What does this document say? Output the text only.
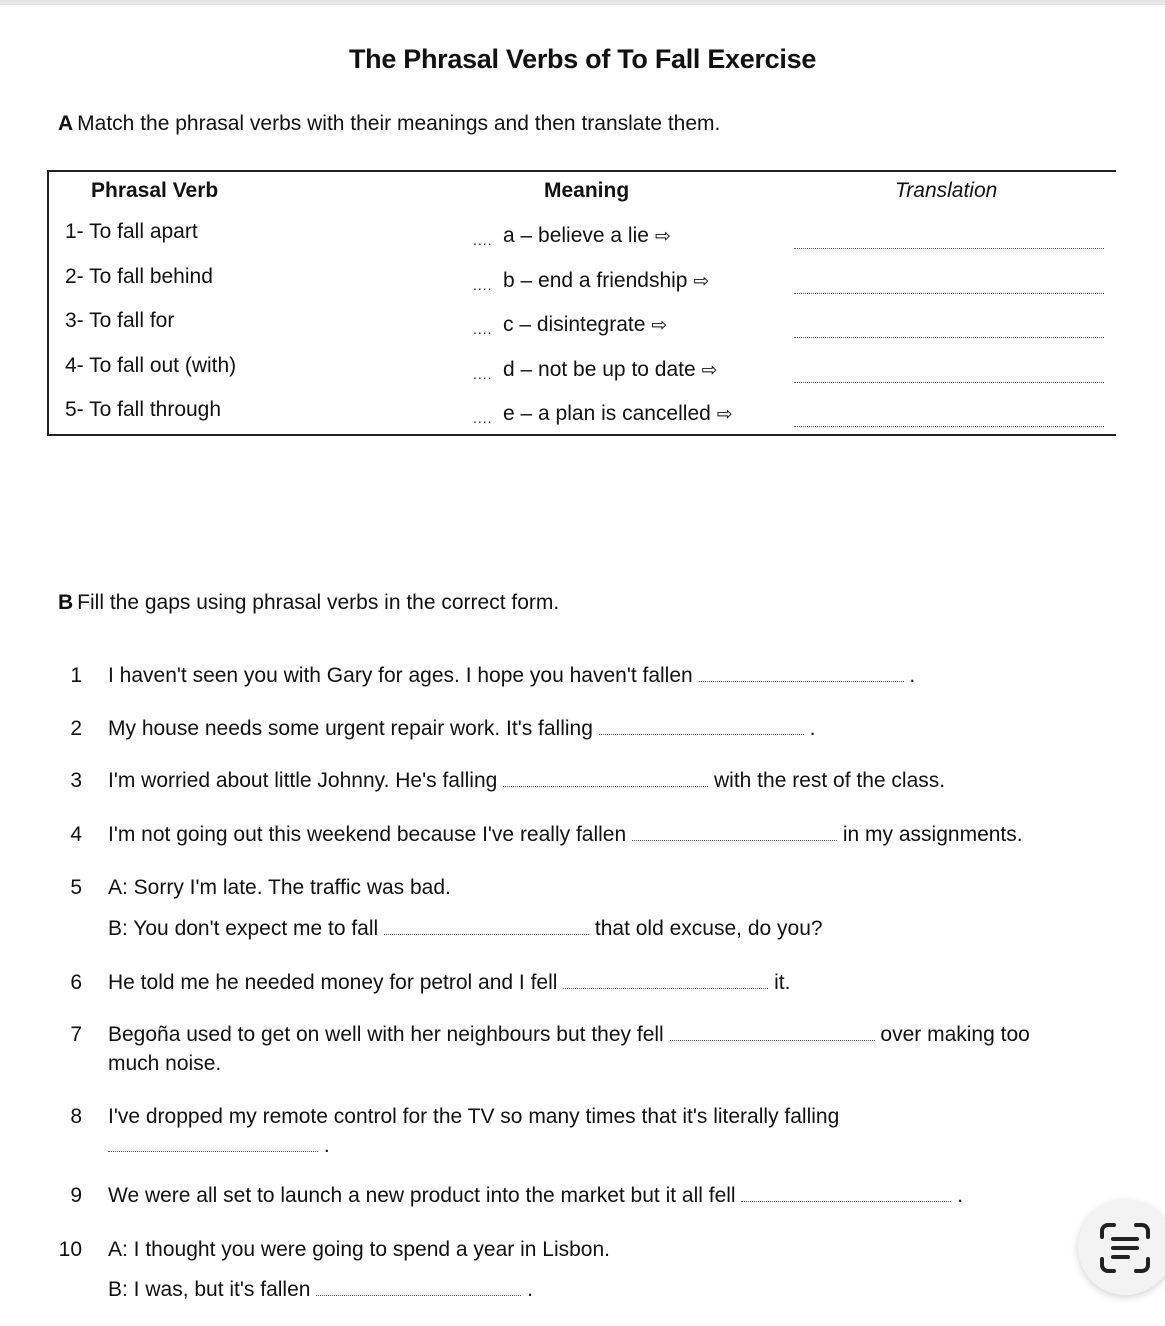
The Phrasal Verbs of To Fall Exercise
A Match the phrasal verbs with their meanings and then translate them.
Phrasal Verb	Meaning	Translation
1- To fall apart	.... a – believe a lie ⇨
2- To fall behind	.... b – end a friendship ⇨
3- To fall for	.... c – disintegrate ⇨
4- To fall out (with)	.... d – not be up to date ⇨
5- To fall through	.... e – a plan is cancelled ⇨
B Fill the gaps using phrasal verbs in the correct form.
1 I haven't seen you with Gary for ages. I hope you haven't fallen	.
2 My house needs some urgent repair work. It's falling	.
3 I'm worried about little Johnny. He's falling	with the rest of the class.
4 I'm not going out this weekend because I've really fallen	in my assignments.
5 A: Sorry I'm late. The traffic was bad.
B: You don't expect me to fall	that old excuse, do you?
6 He told me he needed money for petrol and I fell	it.
7 Begoña used to get on well with her neighbours but they fell	over making too
much noise.
8 I've dropped my remote control for the TV so many times that it's literally falling
.
9 We were all set to launch a new product into the market but it all fell	.
10 A: I thought you were going to spend a year in Lisbon.
B: I was, but it's fallen	.
